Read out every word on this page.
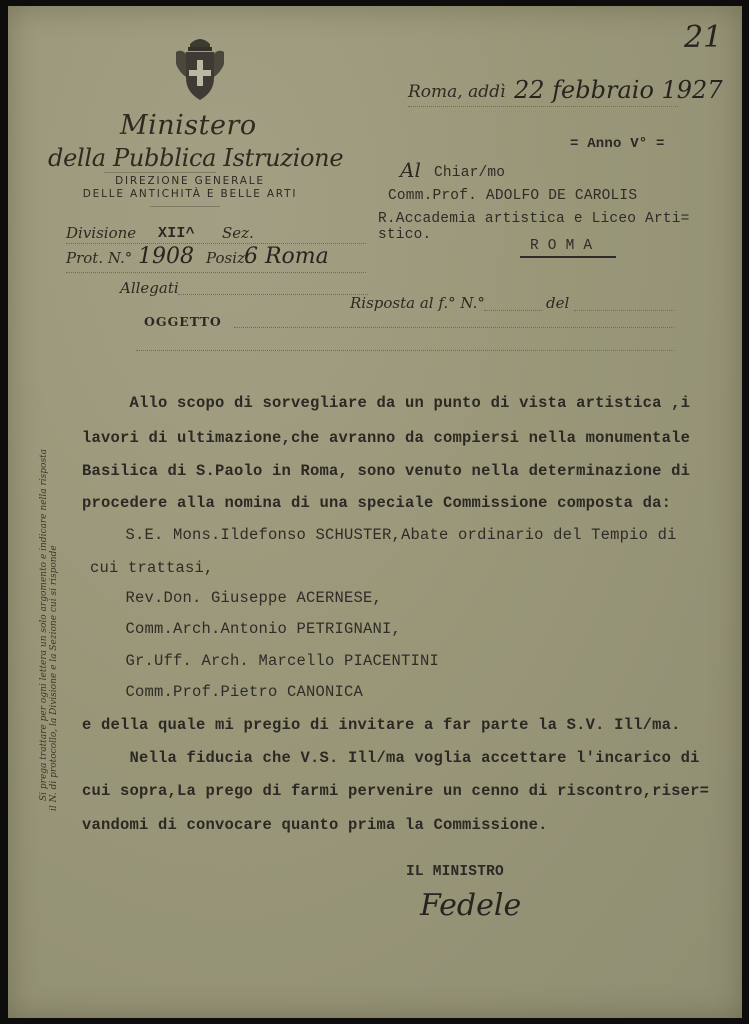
21
Ministero
della Pubblica Istruzione
DIREZIONE GENERALE
DELLE ANTICHITÀ E BELLE ARTI
Roma, addì 22 febbraio 1927
= Anno V° =
Al Chiar/mo
Comm.Prof. ADOLFO DE CAROLIS
R.Accademia artistica e Liceo Arti=
stico.
R O M A
Divisione XII^ Sez.
Prot. N.° 1908 Posiz.
6 Roma
Allegati
Risposta al f.° N.°	del
OGGETTO
Si prega trattare per ogni lettera un solo argomento e indicare nella risposta il N. di protocollo, la Divisione e la Sezione cui si risponde
Allo scopo di sorvegliare da un punto di vista artistica ,i
lavori di ultimazione,che avranno da compiersi nella monumentale
Basilica di S.Paolo in Roma, sono venuto nella determinazione di
procedere alla nomina di una speciale Commissione composta da:
S.E. Mons.Ildefonso SCHUSTER,Abate ordinario del Tempio di
cui trattasi,
Rev.Don. Giuseppe ACERNESE,
Comm.Arch.Antonio PETRIGNANI,
Gr.Uff. Arch. Marcello PIACENTINI
Comm.Prof.Pietro CANONICA
e della quale mi pregio di invitare a far parte la S.V. Ill/ma.
Nella fiducia che V.S. Ill/ma voglia accettare l'incarico di
cui sopra,La prego di farmi pervenire un cenno di riscontro,riser=
vandomi di convocare quanto prima la Commissione.
IL MINISTRO
Fedele
